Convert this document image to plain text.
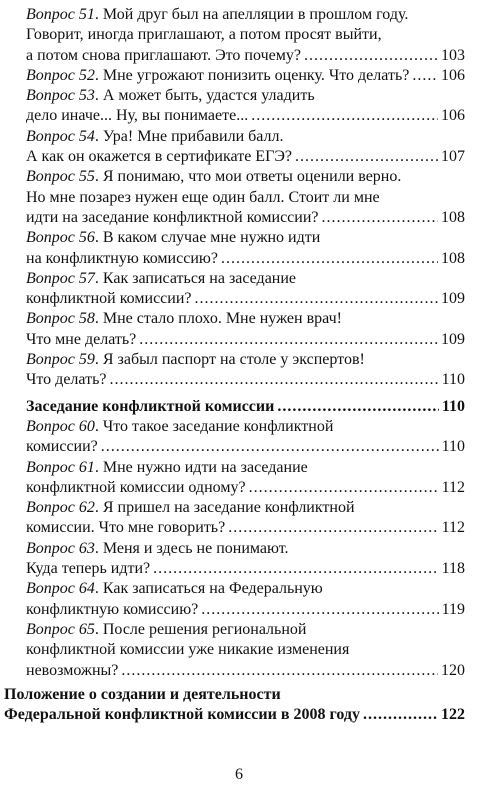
Вопрос 51 . Мой друг был на апелляции в прошлом году.
Говорит, иногда приглашают, а потом просят выйти,
а потом снова приглашают. Это почему? .....	103
Вопрос 52 . Мне угрожают понизить оценку. Что делать? ..... 106
Вопрос 53 . А может быть, удастся уладить
дело иначе... Ну, вы понимаете... .....	106
Вопрос 54 . Ура! Мне прибавили балл.
А как он окажется в сертификате ЕГЭ? .....	107
Вопрос 55 . Я понимаю, что мои ответы оценили верно.
Но мне позарез нужен еще один балл. Стоит ли мне
идти на заседание конфликтной комиссии? .....	108
Вопрос 56 . В каком случае мне нужно идти
на конфликтную комиссию? .....	108
Вопрос 57 . Как записаться на заседание
конфликтной комиссии? .....	109
Вопрос 58 . Мне стало плохо. Мне нужен врач!
Что мне делать? .....	109
Вопрос 59 . Я забыл паспорт на столе у экспертов!
Что делать? .....	110
Заседание конфликтной комиссии .....	110
Вопрос 60 . Что такое заседание конфликтной
комиссии? .....	110
Вопрос 61 . Мне нужно идти на заседание
конфликтной комиссии одному? .....	112
Вопрос 62 . Я пришел на заседание конфликтной
комиссии. Что мне говорить? .....	112
Вопрос 63 . Меня и здесь не понимают.
Куда теперь идти? .....	118
Вопрос 64 . Как записаться на Федеральную
конфликтную комиссию? .....	119
Вопрос 65 . После решения региональной
конфликтной комиссии уже никакие изменения
невозможны? .....	120
Положение о создании и деятельности
Федеральной конфликтной комиссии в 2008 году .....	122
6
